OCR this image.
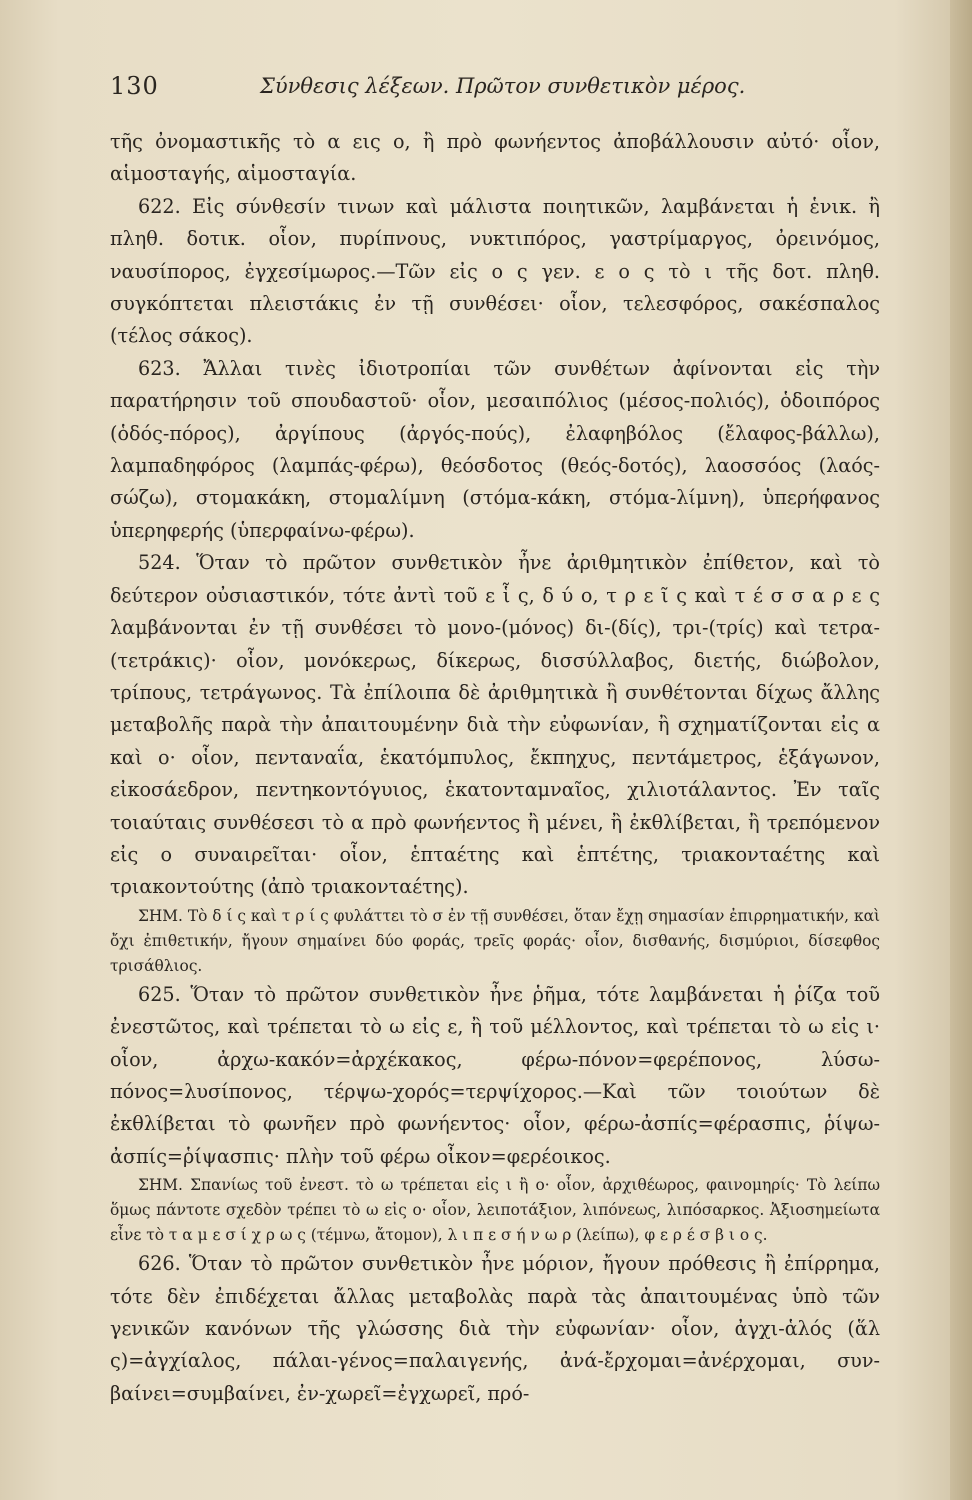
130	Σύνθεσις λέξεων. Πρῶτον συνθετικὸν μέρος.

τῆς ὀνομαστικῆς τὸ α εις ο, ἢ πρὸ φωνήεντος ἀποβάλλουσιν αὐτό· οἷον, αἱμοσταγής, αἱμοσταγία.

622. Εἰς σύνθεσίν τινων καὶ μάλιστα ποιητικῶν, λαμβάνεται ἡ ἑνικ. ἢ πληθ. δοτικ. οἷον, πυρίπνους, νυκτιπόρος, γαστρίμαργος, ὀρεινόμος, ναυσίπορος, ἐγχεσίμωρος.—Τῶν εἰς ο ς γεν. ε ο ς τὸ ι τῆς δοτ. πληθ. συγκόπτεται πλειστάκις ἐν τῇ συνθέσει· οἷον, τελεσφόρος, σακέσπαλος (τέλος σάκος).

623. Ἄλλαι τινὲς ἰδιοτροπίαι τῶν συνθέτων ἀφίνονται εἰς τὴν παρατήρησιν τοῦ σπουδαστοῦ· οἷον, μεσαιπόλιος (μέσος-πολιός), ὁδοιπόρος (ὁδός-πόρος), ἀργίπους (ἀργός-πούς), ἐλαφηβόλος (ἔλαφος-βάλλω), λαμπαδηφόρος (λαμπάς-φέρω), θεόσδοτος (θεός-δοτός), λαοσσόος (λαός-σώζω), στομακάκη, στομαλίμνη (στόμα-κάκη, στόμα-λίμνη), ὑπερήφανος ὑπερηφερής (ὑπερφαίνω-φέρω).

524. Ὅταν τὸ πρῶτον συνθετικὸν ἦνε ἀριθμητικὸν ἐπίθετον, καὶ τὸ δεύτερον οὐσιαστικόν, τότε ἀντὶ τοῦ ε ἷ ς, δ ύ ο, τ ρ ε ῖ ς καὶ τ έ σ σ α ρ ε ς λαμβάνονται ἐν τῇ συνθέσει τὸ μονο-(μόνος) δι-(δίς), τρι-(τρίς) καὶ τετρα-(τετράκις)· οἷον, μονόκερως, δίκερως, δισσύλλαβος, διετής, διώβολον, τρίπους, τετράγωνος. Τὰ ἐπίλοιπα δὲ ἀριθμητικὰ ἢ συνθέτονται δίχως ἄλλης μεταβολῆς παρὰ τὴν ἀπαιτουμένην διὰ τὴν εὐφωνίαν, ἢ σχηματίζονται εἰς α καὶ ο· οἷον, πενταναΐα, ἑκατόμπυλος, ἔκπηχυς, πεντάμετρος, ἑξάγωνον, εἰκοσάεδρον, πεντηκοντόγυιος, ἑκατονταμναῖος, χιλιοτάλαντος. Ἐν ταῖς τοιαύταις συνθέσεσι τὸ α πρὸ φωνήεντος ἢ μένει, ἢ ἐκθλίβεται, ἢ τρεπόμενον εἰς ο συναιρεῖται· οἷον, ἑπταέτης καὶ ἑπτέτης, τριακονταέτης καὶ τριακοντούτης (ἀπὸ τριακονταέτης).

ΣΗΜ. Τὸ δ ί ς καὶ τ ρ ί ς φυλάττει τὸ σ ἐν τῇ συνθέσει, ὅταν ἔχῃ σημασίαν ἐπιρρηματικήν, καὶ ὄχι ἐπιθετικήν, ἤγουν σημαίνει δύο φοράς, τρεῖς φοράς· οἷον, δισθανής, δισμύριοι, δίσεφθος τρισάθλιος.

625. Ὅταν τὸ πρῶτον συνθετικὸν ἦνε ῥῆμα, τότε λαμβάνεται ἡ ῥίζα τοῦ ἐνεστῶτος, καὶ τρέπεται τὸ ω εἰς ε, ἢ τοῦ μέλλοντος, καὶ τρέπεται τὸ ω εἰς ι· οἷον, ἀρχω-κακόν=ἀρχέκακος, φέρω-πόνον=φερέπονος, λύσω-πόνος=λυσίπονος, τέρψω-χορός=τερψίχορος.—Καὶ τῶν τοιούτων δὲ ἐκθλίβεται τὸ φωνῆεν πρὸ φωνήεντος· οἷον, φέρω-ἀσπίς=φέρασπις, ῥίψω-ἀσπίς=ῥίψασπις· πλὴν τοῦ φέρω οἶκον=φερέοικος.

ΣΗΜ. Σπανίως τοῦ ἐνεστ. τὸ ω τρέπεται εἰς ι ἢ ο· οἷον, ἀρχιθέωρος, φαινομηρίς· Τὸ λείπω ὅμως πάντοτε σχεδὸν τρέπει τὸ ω εἰς ο· οἷον, λειποτάξιον, λιπόνεως, λιπόσαρκος. Ἀξιοσημείωτα εἶνε τὸ τ α μ ε σ ί χ ρ ω ς (τέμνω, ἄτομον), λ ι π ε σ ή ν ω ρ (λείπω), φ ε ρ έ σ β ι ο ς.

626. Ὅταν τὸ πρῶτον συνθετικὸν ἦνε μόριον, ἤγουν πρόθεσις ἢ ἐπίρρημα, τότε δὲν ἐπιδέχεται ἄλλας μεταβολὰς παρὰ τὰς ἀπαιτουμένας ὑπὸ τῶν γενικῶν κανόνων τῆς γλώσσης διὰ τὴν εὐφωνίαν· οἷον, ἀγχι-ἁλός (ἅλ ς)=ἀγχίαλος, πάλαι-γένος=παλαιγενής, ἀνά-ἔρχομαι=ἀνέρχομαι, συν-βαίνει=συμβαίνει, ἐν-χωρεῖ=ἐγχωρεῖ, πρό-
